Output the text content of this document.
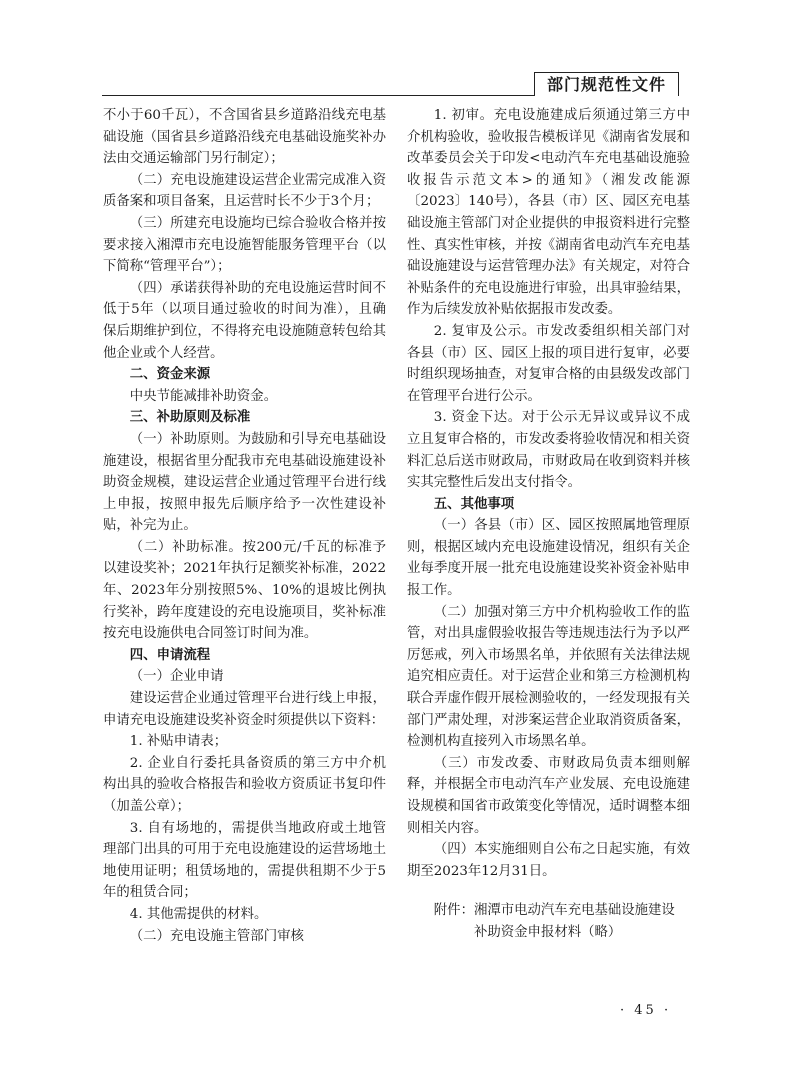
部门规范性文件

不小于60千瓦），不含国省县乡道路沿线充电基础设施（国省县乡道路沿线充电基础设施奖补办法由交通运输部门另行制定）；

（二）充电设施建设运营企业需完成准入资质备案和项目备案，且运营时长不少于3个月；

（三）所建充电设施均已综合验收合格并按要求接入湘潭市充电设施智能服务管理平台（以下简称“管理平台”）；

（四）承诺获得补助的充电设施运营时间不低于5年（以项目通过验收的时间为准），且确保后期维护到位，不得将充电设施随意转包给其他企业或个人经营。

二、资金来源

中央节能减排补助资金。

三、补助原则及标准

（一）补助原则。为鼓励和引导充电基础设施建设，根据省里分配我市充电基础设施建设补助资金规模，建设运营企业通过管理平台进行线上申报，按照申报先后顺序给予一次性建设补贴，补完为止。

（二）补助标准。按200元/千瓦的标准予以建设奖补；2021年执行足额奖补标准，2022年、2023年分别按照5%、10%的退坡比例执行奖补，跨年度建设的充电设施项目，奖补标准按充电设施供电合同签订时间为准。

四、申请流程

（一）企业申请

建设运营企业通过管理平台进行线上申报，申请充电设施建设奖补资金时须提供以下资料：

1. 补贴申请表；

2. 企业自行委托具备资质的第三方中介机构出具的验收合格报告和验收方资质证书复印件（加盖公章）；

3. 自有场地的，需提供当地政府或土地管理部门出具的可用于充电设施建设的运营场地土地使用证明；租赁场地的，需提供租期不少于5年的租赁合同；

4. 其他需提供的材料。

（二）充电设施主管部门审核

1. 初审。充电设施建成后须通过第三方中介机构验收，验收报告模板详见《湖南省发展和改革委员会关于印发<电动汽车充电基础设施验收报告示范文本>的通知》（湘发改能源〔2023〕140号），各县（市）区、园区充电基础设施主管部门对企业提供的申报资料进行完整性、真实性审核，并按《湖南省电动汽车充电基础设施建设与运营管理办法》有关规定，对符合补贴条件的充电设施进行审验，出具审验结果，作为后续发放补贴依据报市发改委。

2. 复审及公示。市发改委组织相关部门对各县（市）区、园区上报的项目进行复审，必要时组织现场抽查，对复审合格的由县级发改部门在管理平台进行公示。

3. 资金下达。对于公示无异议或异议不成立且复审合格的，市发改委将验收情况和相关资料汇总后送市财政局，市财政局在收到资料并核实其完整性后发出支付指令。

五、其他事项

（一）各县（市）区、园区按照属地管理原则，根据区域内充电设施建设情况，组织有关企业每季度开展一批充电设施建设奖补资金补贴申报工作。

（二）加强对第三方中介机构验收工作的监管，对出具虚假验收报告等违规违法行为予以严厉惩戒，列入市场黑名单，并依照有关法律法规追究相应责任。对于运营企业和第三方检测机构联合弄虚作假开展检测验收的，一经发现报有关部门严肃处理，对涉案运营企业取消资质备案，检测机构直接列入市场黑名单。

（三）市发改委、市财政局负责本细则解释，并根据全市电动汽车产业发展、充电设施建设规模和国省市政策变化等情况，适时调整本细则相关内容。

（四）本实施细则自公布之日起实施，有效期至2023年12月31日。

附件：湘潭市电动汽车充电基础设施建设
补助资金申报材料（略）

· 45 ·
